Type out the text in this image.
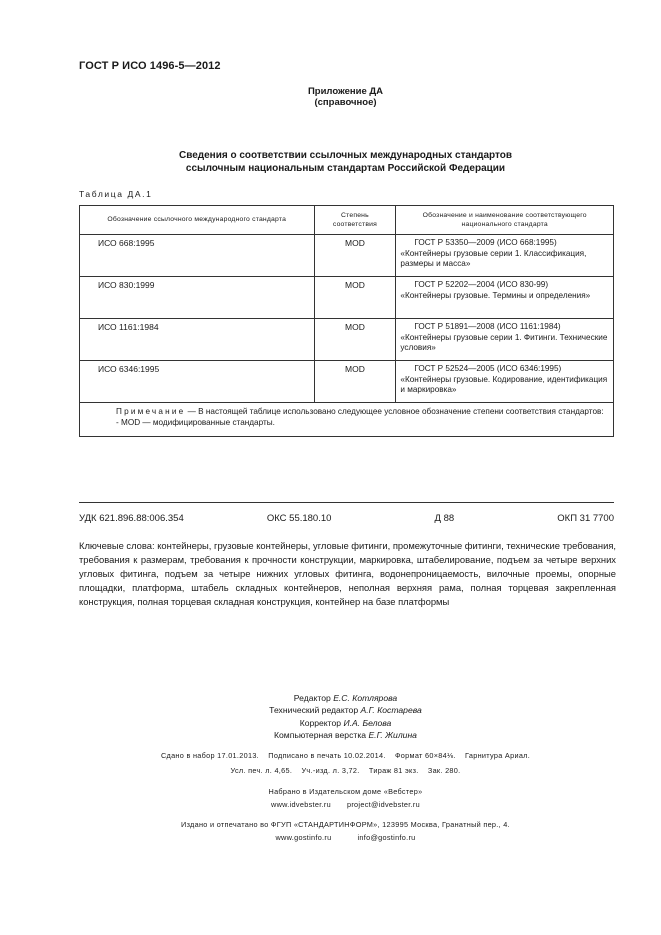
ГОСТ Р ИСО 1496-5—2012
Приложение ДА
(справочное)
Сведения о соответствии ссылочных международных стандартов
ссылочным национальным стандартам Российской Федерации
Таблица ДА.1
Обозначение ссылочного международного стандарта	Степень соответствия	Обозначение и наименование соответствующего национального стандарта
ИСО 668:1995	MOD	ГОСТ Р 53350—2009 (ИСО 668:1995)
«Контейнеры грузовые серии 1. Классификация, размеры и масса»
ИСО 830:1999	MOD	ГОСТ Р 52202—2004 (ИСО 830-99)
«Контейнеры грузовые. Термины и определения»
ИСО 1161:1984	MOD	ГОСТ Р 51891—2008 (ИСО 1161:1984)
«Контейнеры грузовые серии 1. Фитинги. Технические условия»
ИСО 6346:1995	MOD	ГОСТ Р 52524—2005 (ИСО 6346:1995)
«Контейнеры грузовые. Кодирование, идентификация и маркировка»
Примечание — В настоящей таблице использовано следующее условное обозначение степени соответствия стандартов:
- MOD — модифицированные стандарты.		
УДК 621.896.88:006.354	ОКС 55.180.10	Д 88	ОКП 31 7700
Ключевые слова: контейнеры, грузовые контейнеры, угловые фитинги, промежуточные фитинги, технические требования, требования к размерам, требования к прочности конструкции, маркировка, штабелирование, подъем за четыре верхних угловых фитинга, подъем за четыре нижних угловых фитинга, водонепроницаемость, вилочные проемы, опорные площадки, платформа, штабель складных контейнеров, неполная верхняя рама, полная торцевая закрепленная конструкция, полная торцевая складная конструкция, контейнер на базе платформы
Редактор Е.С. Котлярова
Технический редактор А.Г. Костарева
Корректор И.А. Белова
Компьютерная верстка Е.Г. Жилина
Сдано в набор 17.01.2013.    Подписано в печать 10.02.2014.    Формат 60×84⅛.    Гарнитура Ариал.
Усл. печ. л. 4,65.    Уч.-изд. л. 3,72.    Тираж 81 экз.    Зак. 280.
Набрано в Издательском доме «Вебстер»
www.idvebster.ru project@idvebster.ru
Издано и отпечатано во ФГУП «СТАНДАРТИНФОРМ», 123995 Москва, Гранатный пер., 4.
www.gostinfo.ru	info@gostinfo.ru
